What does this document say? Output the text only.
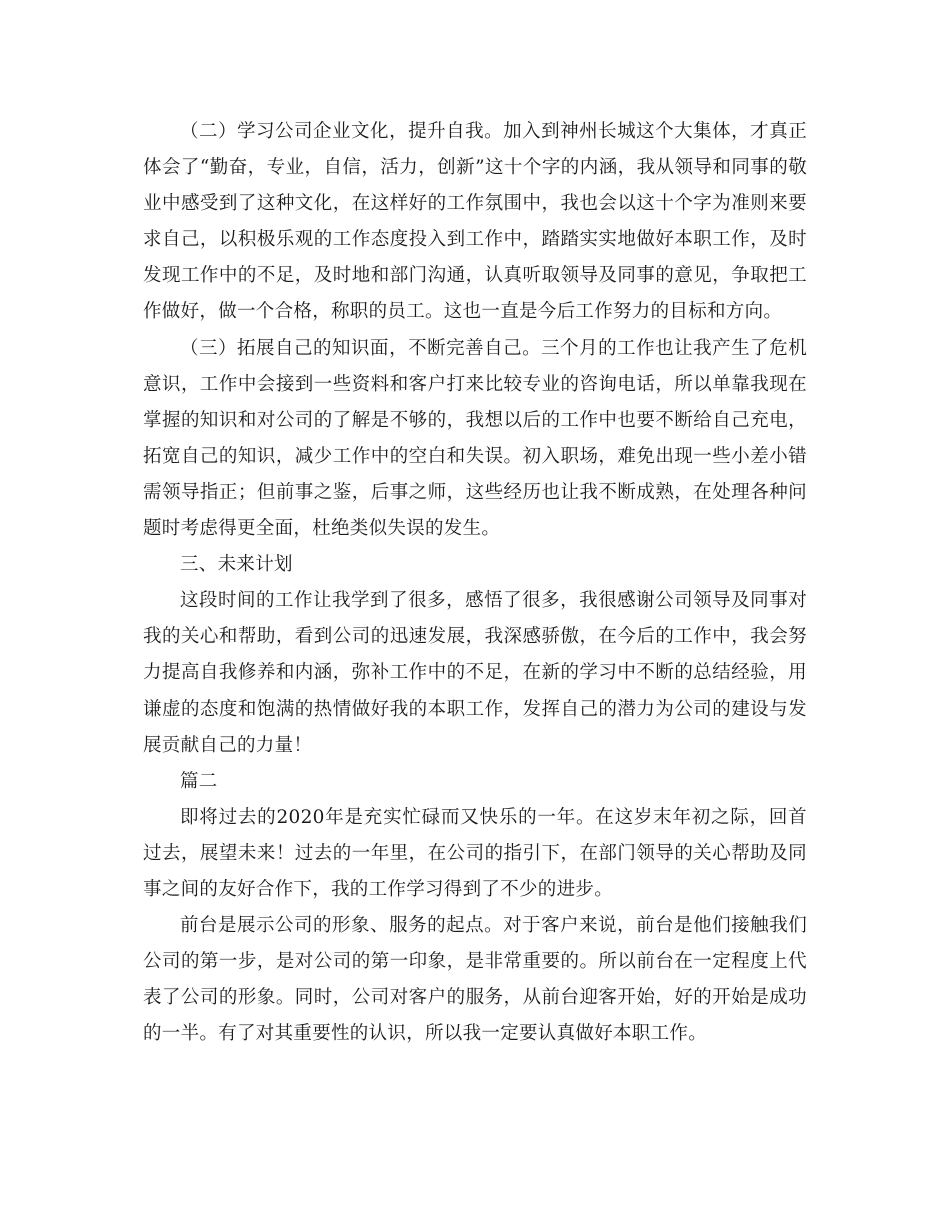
（二）学习公司企业文化，提升自我。加入到神州长城这个大集体，才真正体会了“勤奋，专业，自信，活力，创新”这十个字的内涵，我从领导和同事的敬业中感受到了这种文化，在这样好的工作氛围中，我也会以这十个字为准则来要求自己，以积极乐观的工作态度投入到工作中，踏踏实实地做好本职工作，及时发现工作中的不足，及时地和部门沟通，认真听取领导及同事的意见，争取把工作做好，做一个合格，称职的员工。这也一直是今后工作努力的目标和方向。

（三）拓展自己的知识面，不断完善自己。三个月的工作也让我产生了危机意识，工作中会接到一些资料和客户打来比较专业的咨询电话，所以单靠我现在掌握的知识和对公司的了解是不够的，我想以后的工作中也要不断给自己充电，拓宽自己的知识，减少工作中的空白和失误。初入职场，难免出现一些小差小错需领导指正；但前事之鉴，后事之师，这些经历也让我不断成熟，在处理各种问题时考虑得更全面，杜绝类似失误的发生。

三、未来计划

这段时间的工作让我学到了很多，感悟了很多，我很感谢公司领导及同事对我的关心和帮助，看到公司的迅速发展，我深感骄傲，在今后的工作中，我会努力提高自我修养和内涵，弥补工作中的不足，在新的学习中不断的总结经验，用谦虚的态度和饱满的热情做好我的本职工作，发挥自己的潜力为公司的建设与发展贡献自己的力量！

篇二

即将过去的2020年是充实忙碌而又快乐的一年。在这岁末年初之际，回首过去，展望未来！过去的一年里，在公司的指引下，在部门领导的关心帮助及同事之间的友好合作下，我的工作学习得到了不少的进步。

前台是展示公司的形象、服务的起点。对于客户来说，前台是他们接触我们公司的第一步，是对公司的第一印象，是非常重要的。所以前台在一定程度上代表了公司的形象。同时，公司对客户的服务，从前台迎客开始，好的开始是成功的一半。有了对其重要性的认识，所以我一定要认真做好本职工作。
